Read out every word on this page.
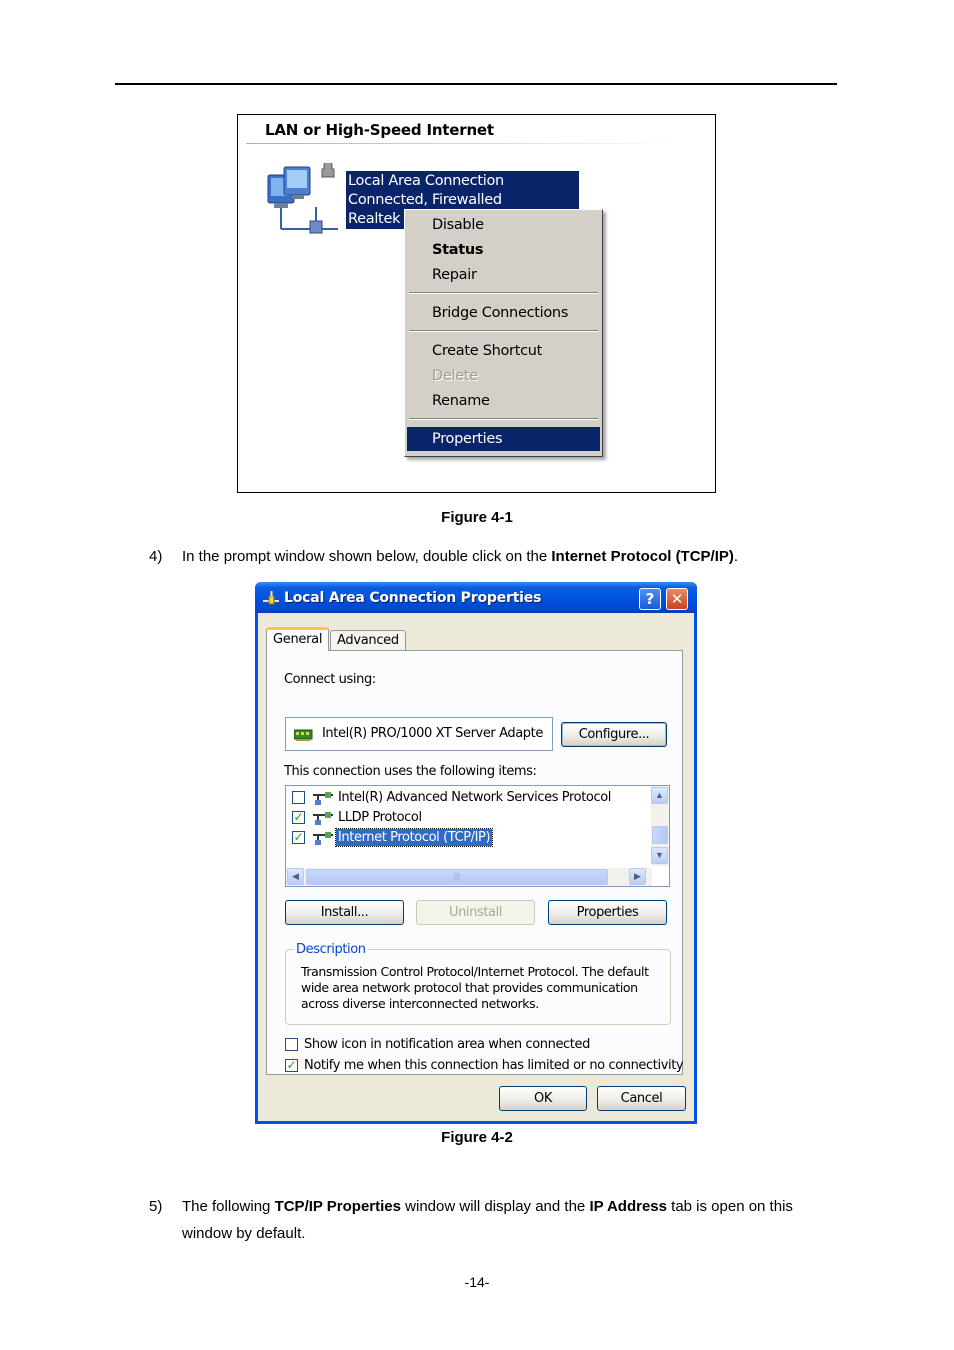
LAN or High-Speed Internet
Local Area Connection
Connected, Firewalled
Realtek	Disable
Status
Repair
Bridge Connections
Create Shortcut
Delete
Rename
Properties
Figure 4-1
4) In the prompt window shown below, double click on the Internet Protocol (TCP/IP).
Local Area Connection Properties	?	✕
General	Advanced
Connect using:
Intel(R) PRO/1000 XT Server Adapte	Configure...
This connection uses the following items:
Intel(R) Advanced Network Services Protocol
✓	LLDP Protocol
✓	Internet Protocol (TCP/IP)
▲
▼
◀	|||	▶
Install...	Uninstall	Properties
Description
Transmission Control Protocol/Internet Protocol. The default wide area network protocol that provides communication across diverse interconnected networks.
Show icon in notification area when connected
✓ Notify me when this connection has limited or no connectivity
OK	Cancel
Figure 4-2
5) The following TCP/IP Properties window will display and the IP Address tab is open on this
window by default.
-14-
